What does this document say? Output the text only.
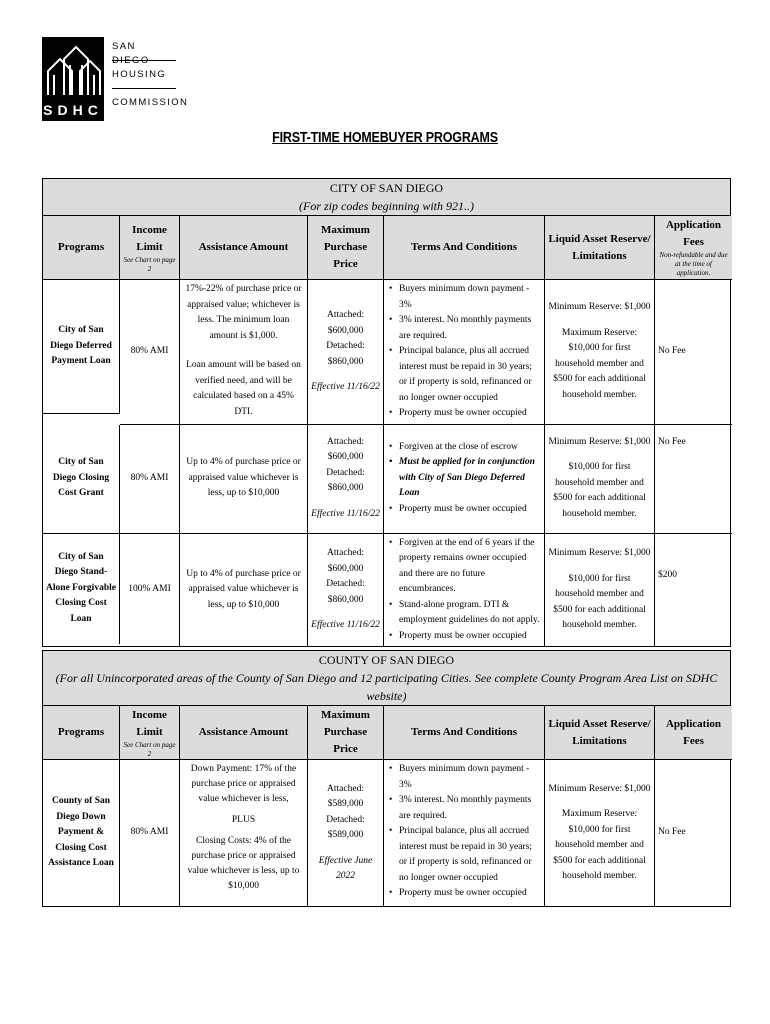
SDHC
SAN DIEGO
HOUSING
COMMISSION
FIRST-TIME HOMEBUYER PROGRAMS
CITY OF SAN DIEGO
(For zip codes beginning with 921..)
Programs
Income Limit
See Chart on page 2
Assistance Amount
Maximum Purchase Price
Terms And Conditions
Liquid Asset Reserve/ Limitations
Application Fees
Non-refundable and due at the time of application.
City of San Diego Deferred Payment Loan
80% AMI
17%-22% of purchase price or appraised value; whichever is less. The minimum loan amount is $1,000.
Loan amount will be based on verified need, and will be calculated based on a 45% DTI.
Attached: $600,000
Detached: $860,000
Effective 11/16/22
• Buyers minimum down payment - 3%
• 3% interest. No monthly payments are required.
• Principal balance, plus all accrued interest must be repaid in 30 years; or if property is sold, refinanced or no longer owner occupied
• Property must be owner occupied
Minimum Reserve: $1,000
Maximum Reserve: $10,000 for first household member and $500 for each additional household member.
No Fee
City of San Diego Closing Cost Grant
80% AMI
Up to 4% of purchase price or appraised value whichever is less, up to $10,000
Attached: $600,000
Detached: $860,000
Effective 11/16/22
• Forgiven at the close of escrow
• Must be applied for in conjunction with City of San Diego Deferred Loan
• Property must be owner occupied
Minimum Reserve: $1,000
$10,000 for first household member and $500 for each additional household member.
No Fee
City of San Diego Stand-Alone Forgivable Closing Cost Loan
100% AMI
Up to 4% of purchase price or appraised value whichever is less, up to $10,000
Attached: $600,000
Detached: $860,000
Effective 11/16/22
• Forgiven at the end of 6 years if the property remains owner occupied and there are no future encumbrances.
• Stand-alone program. DTI & employment guidelines do not apply.
• Property must be owner occupied
Minimum Reserve: $1,000
$10,000 for first household member and $500 for each additional household member.
$200
COUNTY OF SAN DIEGO
(For all Unincorporated areas of the County of San Diego and 12 participating Cities. See complete County Program Area List on SDHC website)
Programs
Income Limit
See Chart on page 2
Assistance Amount
Maximum Purchase Price
Terms And Conditions
Liquid Asset Reserve/ Limitations
Application Fees
County of San Diego Down Payment & Closing Cost Assistance Loan
80% AMI
Down Payment: 17% of the purchase price or appraised value whichever is less,
PLUS
Closing Costs: 4% of the purchase price or appraised value whichever is less, up to $10,000
Attached: $589,000
Detached: $589,000
Effective June 2022
• Buyers minimum down payment - 3%
• 3% interest. No monthly payments are required.
• Principal balance, plus all accrued interest must be repaid in 30 years; or if property is sold, refinanced or no longer owner occupied
• Property must be owner occupied
Minimum Reserve: $1,000
Maximum Reserve: $10,000 for first household member and $500 for each additional household member.
No Fee
